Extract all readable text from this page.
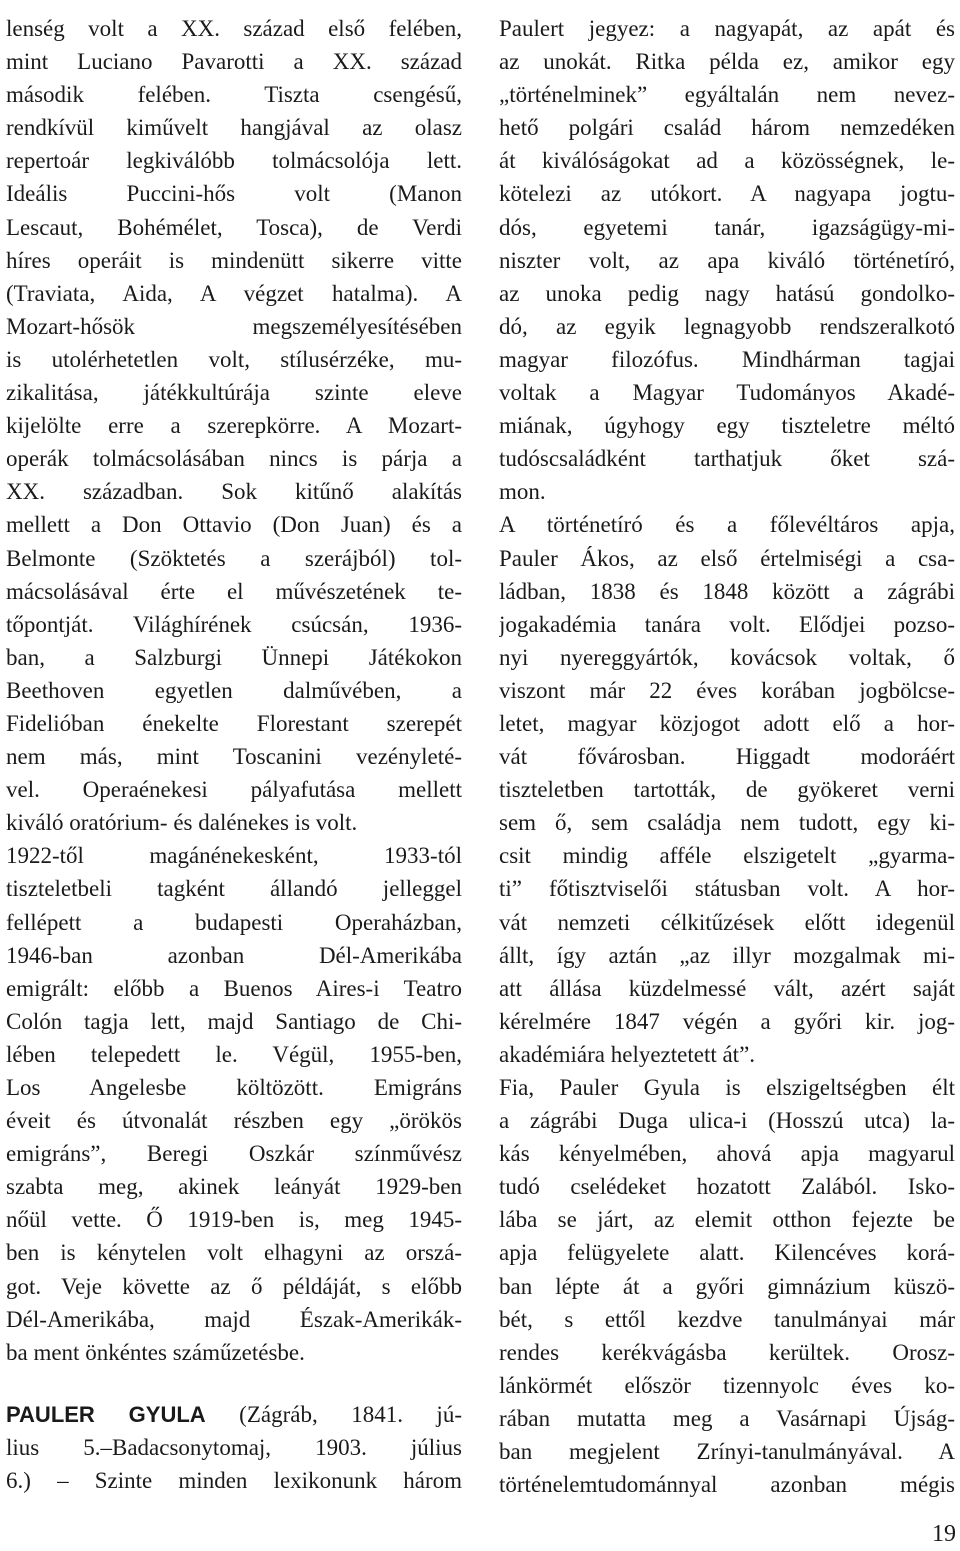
lenség volt a XX. század első felében,
mint Luciano Pavarotti a XX. század
második felében. Tiszta csengésű,
rendkívül kiművelt hangjával az olasz
repertoár legkiválóbb tolmácsolója lett.
Ideális Puccini-hős volt (Manon
Lescaut, Bohémélet, Tosca), de Verdi
híres operáit is mindenütt sikerre vitte
(Traviata, Aida, A végzet hatalma). A
Mozart-hősök megszemélyesítésében
is utolérhetetlen volt, stílusérzéke, mu-
zikalitása, játékkultúrája szinte eleve
kijelölte erre a szerepkörre. A Mozart-
operák tolmácsolásában nincs is párja a
XX. században. Sok kitűnő alakítás
mellett a Don Ottavio (Don Juan) és a
Belmonte (Szöktetés a szerájból) tol-
mácsolásával érte el művészetének te-
tőpontját. Világhírének csúcsán, 1936-
ban, a Salzburgi Ünnepi Játékokon
Beethoven egyetlen dalművében, a
Fidelióban énekelte Florestant szerepét
nem más, mint Toscanini vezényleté-
vel. Operaénekesi pályafutása mellett
kiváló oratórium- és dalénekes is volt.
1922-től magánénekesként, 1933-tól
tiszteletbeli tagként állandó jelleggel
fellépett a budapesti Operaházban,
1946-ban azonban Dél-Amerikába
emigrált: előbb a Buenos Aires-i Teatro
Colón tagja lett, majd Santiago de Chi-
lében telepedett le. Végül, 1955-ben,
Los Angelesbe költözött. Emigráns
éveit és útvonalát részben egy „örökös
emigráns”, Beregi Oszkár színművész
szabta meg, akinek leányát 1929-ben
nőül vette. Ő 1919-ben is, meg 1945-
ben is kénytelen volt elhagyni az orszá-
got. Veje követte az ő példáját, s előbb
Dél-Amerikába, majd Észak-Amerikák-
ba ment önkéntes száműzetésbe.
PAULER GYULA (Zágráb, 1841. jú-
lius 5.–Badacsonytomaj, 1903. július
6.) – Szinte minden lexikonunk három
Paulert jegyez: a nagyapát, az apát és
az unokát. Ritka példa ez, amikor egy
„történelminek” egyáltalán nem nevez-
hető polgári család három nemzedéken
át kiválóságokat ad a közösségnek, le-
kötelezi az utókort. A nagyapa jogtu-
dós, egyetemi tanár, igazságügy-mi-
niszter volt, az apa kiváló történetíró,
az unoka pedig nagy hatású gondolko-
dó, az egyik legnagyobb rendszeralkotó
magyar filozófus. Mindhárman tagjai
voltak a Magyar Tudományos Akadé-
miának, úgyhogy egy tiszteletre méltó
tudóscsaládként tarthatjuk őket szá-
mon.
A történetíró és a főlevéltáros apja,
Pauler Ákos, az első értelmiségi a csa-
ládban, 1838 és 1848 között a zágrábi
jogakadémia tanára volt. Elődjei pozso-
nyi nyereggyártók, kovácsok voltak, ő
viszont már 22 éves korában jogbölcse-
letet, magyar közjogot adott elő a hor-
vát fővárosban. Higgadt modoráért
tiszteletben tartották, de gyökeret verni
sem ő, sem családja nem tudott, egy ki-
csit mindig afféle elszigetelt „gyarma-
ti” főtisztviselői státusban volt. A hor-
vát nemzeti célkitűzések előtt idegenül
állt, így aztán „az illyr mozgalmak mi-
att állása küzdelmessé vált, azért saját
kérelmére 1847 végén a győri kir. jog-
akadémiára helyeztetett át”.
Fia, Pauler Gyula is elszigeltségben élt
a zágrábi Duga ulica-i (Hosszú utca) la-
kás kényelmében, ahová apja magyarul
tudó cselédeket hozatott Zalából. Isko-
lába se járt, az elemit otthon fejezte be
apja felügyelete alatt. Kilencéves korá-
ban lépte át a győri gimnázium küszö-
bét, s ettől kezdve tanulmányai már
rendes kerékvágásba kerültek. Orosz-
lánkörmét először tizennyolc éves ko-
rában mutatta meg a Vasárnapi Újság-
ban megjelent Zrínyi-tanulmányával. A
történelemtudománnyal azonban mégis
19
